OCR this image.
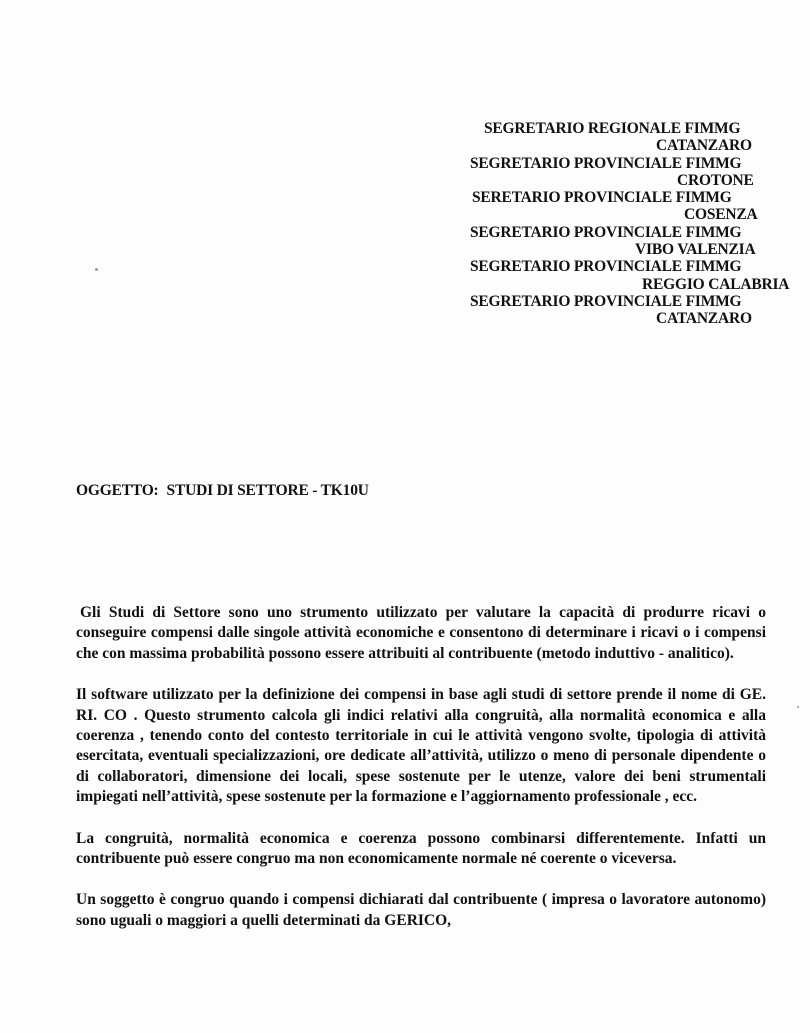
SEGRETARIO REGIONALE FIMMG
CATANZARO
SEGRETARIO PROVINCIALE FIMMG
CROTONE
SERETARIO PROVINCIALE FIMMG
COSENZA
SEGRETARIO PROVINCIALE FIMMG
VIBO VALENZIA
SEGRETARIO PROVINCIALE FIMMG
REGGIO CALABRIA
SEGRETARIO PROVINCIALE FIMMG
CATANZARO
OGGETTO: STUDI DI SETTORE - TK10U

Gli Studi di Settore sono uno strumento utilizzato per valutare la capacità di produrre ricavi o conseguire compensi dalle singole attività economiche e consentono di determinare i ricavi o i compensi che con massima probabilità possono essere attribuiti al contribuente (metodo induttivo - analitico).

Il software utilizzato per la definizione dei compensi in base agli studi di settore prende il nome di GE. RI. CO . Questo strumento calcola gli indici relativi alla congruità, alla normalità economica e alla coerenza , tenendo conto del contesto territoriale in cui le attività vengono svolte, tipologia di attività esercitata, eventuali specializzazioni, ore dedicate all’attività, utilizzo o meno di personale dipendente o di collaboratori, dimensione dei locali, spese sostenute per le utenze, valore dei beni strumentali impiegati nell’attività, spese sostenute per la formazione e l’aggiornamento professionale , ecc.

La congruità, normalità economica e coerenza possono combinarsi differentemente. Infatti un contribuente può essere congruo ma non economicamente normale né coerente o viceversa.

Un soggetto è congruo quando i compensi dichiarati dal contribuente ( impresa o lavoratore autonomo) sono uguali o maggiori a quelli determinati da GERICO,
